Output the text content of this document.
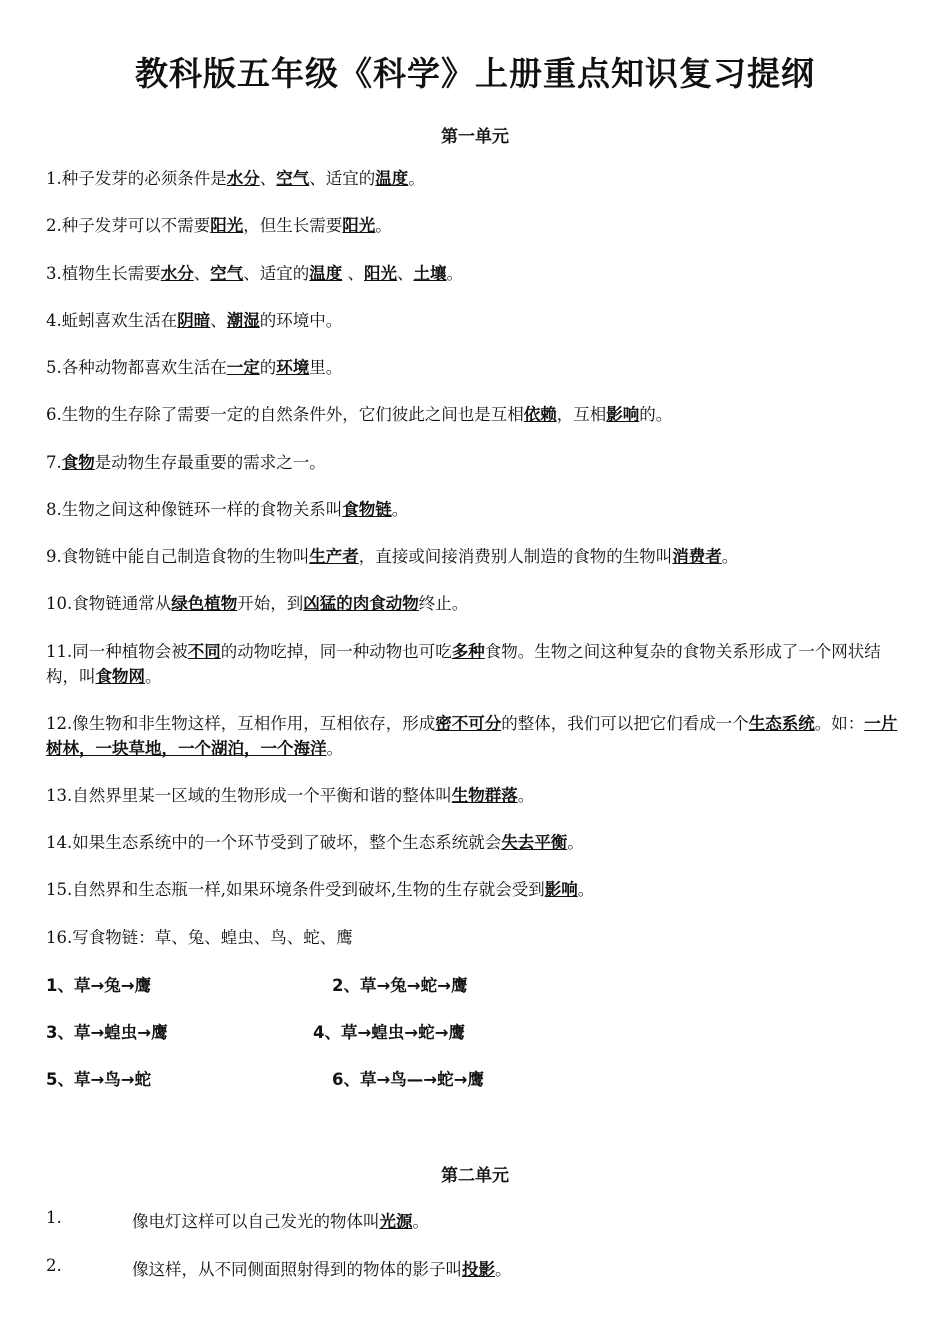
教科版五年级《科学》上册重点知识复习提纲
第一单元
1.种子发芽的必须条件是水分、空气、适宜的温度。
2.种子发芽可以不需要阳光，但生长需要阳光。
3.植物生长需要水分、空气、适宜的温度 、阳光、土壤。
4.蚯蚓喜欢生活在阴暗、潮湿的环境中。
5.各种动物都喜欢生活在一定的环境里。
6.生物的生存除了需要一定的自然条件外，它们彼此之间也是互相依赖，互相影响的。
7.食物是动物生存最重要的需求之一。
8.生物之间这种像链环一样的食物关系叫食物链。
9.食物链中能自己制造食物的生物叫生产者，直接或间接消费别人制造的食物的生物叫消费者。
10.食物链通常从绿色植物开始，到凶猛的肉食动物终止。
11.同一种植物会被不同的动物吃掉，同一种动物也可吃多种食物。生物之间这种复杂的食物关系形成了一个网状结构，叫食物网。
12.像生物和非生物这样，互相作用，互相依存，形成密不可分的整体，我们可以把它们看成一个生态系统。如：一片树林，一块草地，一个湖泊，一个海洋。
13.自然界里某一区域的生物形成一个平衡和谐的整体叫生物群落。
14.如果生态系统中的一个环节受到了破坏，整个生态系统就会失去平衡。
15.自然界和生态瓶一样,如果环境条件受到破坏,生物的生存就会受到影响。
16.写食物链：草、兔、蝗虫、鸟、蛇、鹰
1、草→兔→鹰	2、草→兔→蛇→鹰
3、草→蝗虫→鹰	4、草→蝗虫→蛇→鹰
5、草→鸟→蛇	6、草→鸟—→蛇→鹰
第二单元
1.	像电灯这样可以自己发光的物体叫光源。
2.	像这样，从不同侧面照射得到的物体的影子叫投影。
